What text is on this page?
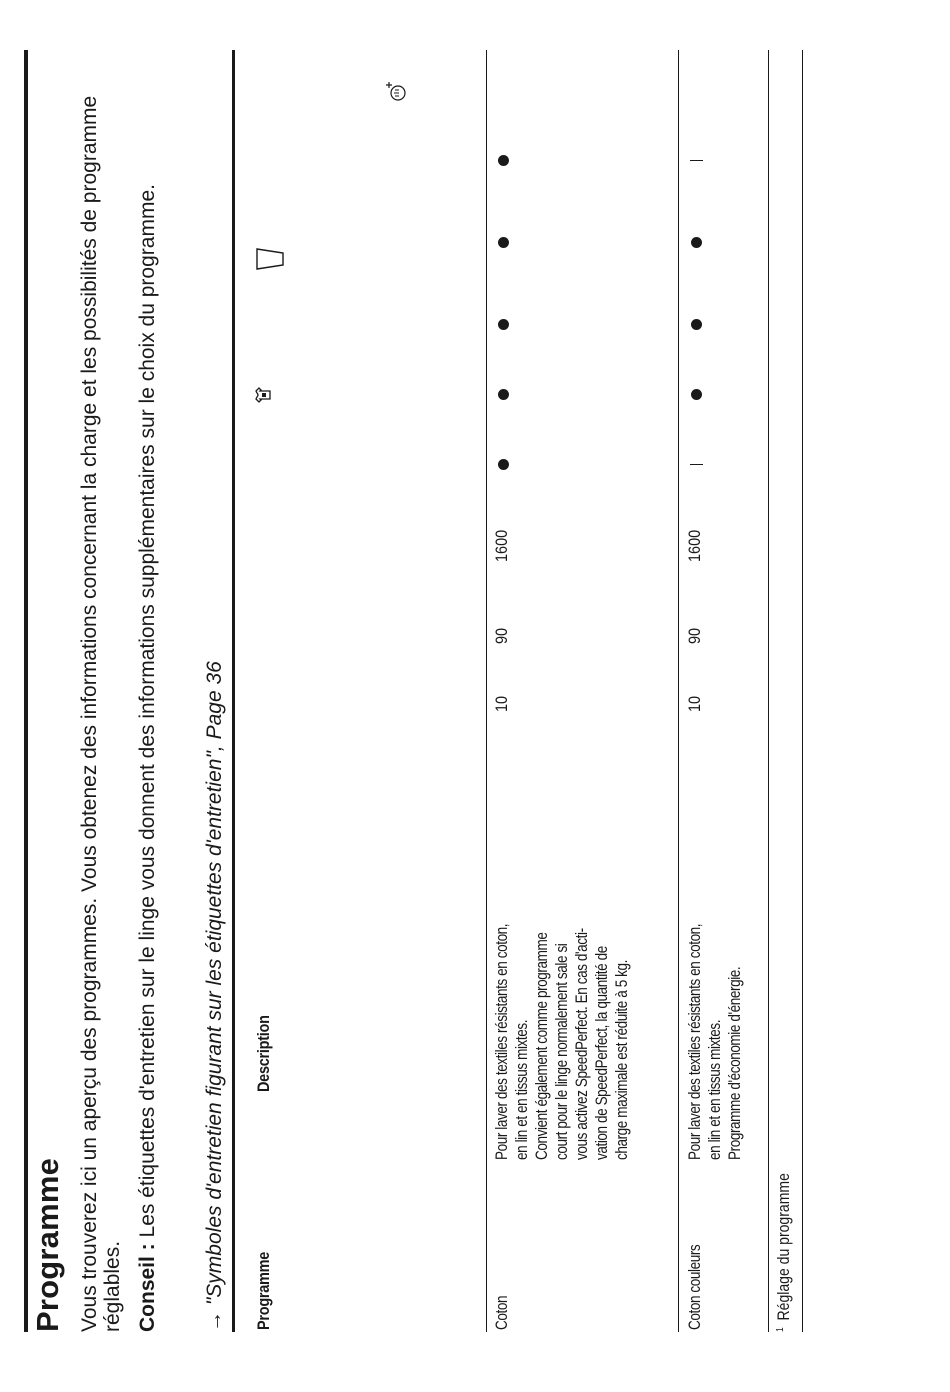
Programme Vous trouverez ici un aperçu des programmes. Vous obtenez des informations concernant la charge et les possibilités de programme réglables. Conseil : Les étiquettes d'entretien sur le linge vous donnent des informations supplémentaires sur le choix du programme.
→ "Symboles d'entretien figurant sur les étiquettes d'entretien", Page 36 Programme
Description
Coton
Pour laver des textiles résistants en coton, en lin et en tissus mixtes. Convient également comme programme court pour le linge normalement sale si vous activez SpeedPerfect. En cas d'acti- vation de SpeedPerfect, la quantité de charge maximale est réduite à 5 kg.
10
90
1600
Coton couleurs
Pour laver des textiles résistants en coton, en lin et en tissus mixtes. Programme d'économie d'énergie.
10
90
1600
$^1$Réglage du programme
